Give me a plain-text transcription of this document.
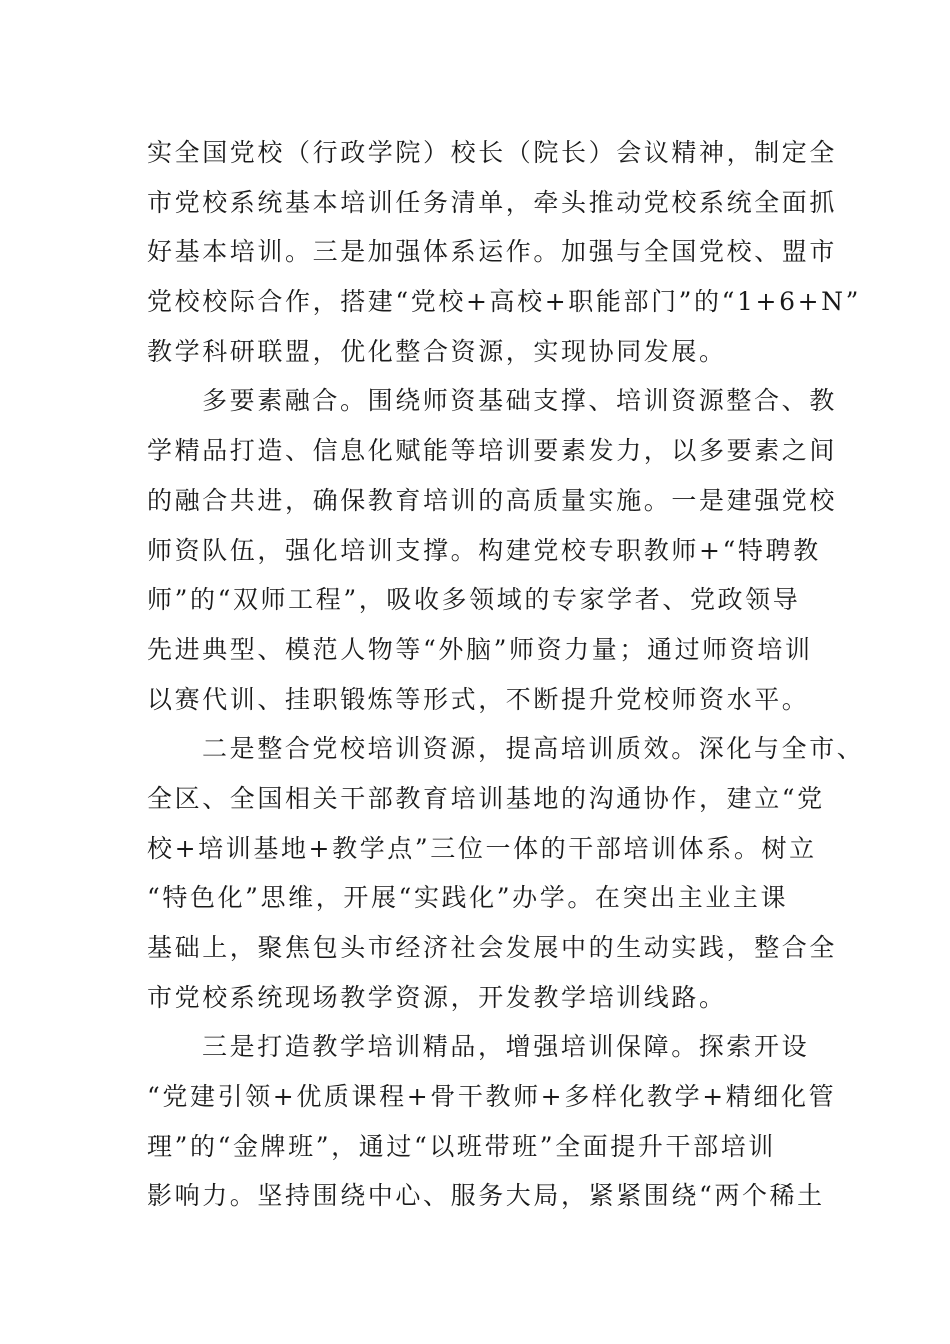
实全国党校（行政学院）校长（院长）会议精神，制定全
市党校系统基本培训任务清单，牵头推动党校系统全面抓
好基本培训。三是加强体系运作。加强与全国党校、盟市
党校校际合作，搭建“党校+高校+职能部门”的“1+6+N”
教学科研联盟，优化整合资源，实现协同发展。
多要素融合。围绕师资基础支撑、培训资源整合、教
学精品打造、信息化赋能等培训要素发力，以多要素之间
的融合共进，确保教育培训的高质量实施。一是建强党校
师资队伍，强化培训支撑。构建党校专职教师+“特聘教
师”的“双师工程”，吸收多领域的专家学者、党政领导
先进典型、模范人物等“外脑”师资力量；通过师资培训
以赛代训、挂职锻炼等形式，不断提升党校师资水平。
二是整合党校培训资源，提高培训质效。深化与全市、
全区、全国相关干部教育培训基地的沟通协作，建立“党
校+培训基地+教学点”三位一体的干部培训体系。树立
“特色化”思维，开展“实践化”办学。在突出主业主课
基础上，聚焦包头市经济社会发展中的生动实践，整合全
市党校系统现场教学资源，开发教学培训线路。
三是打造教学培训精品，增强培训保障。探索开设
“党建引领+优质课程+骨干教师+多样化教学+精细化管
理”的“金牌班”，通过“以班带班”全面提升干部培训
影响力。坚持围绕中心、服务大局，紧紧围绕“两个稀土
